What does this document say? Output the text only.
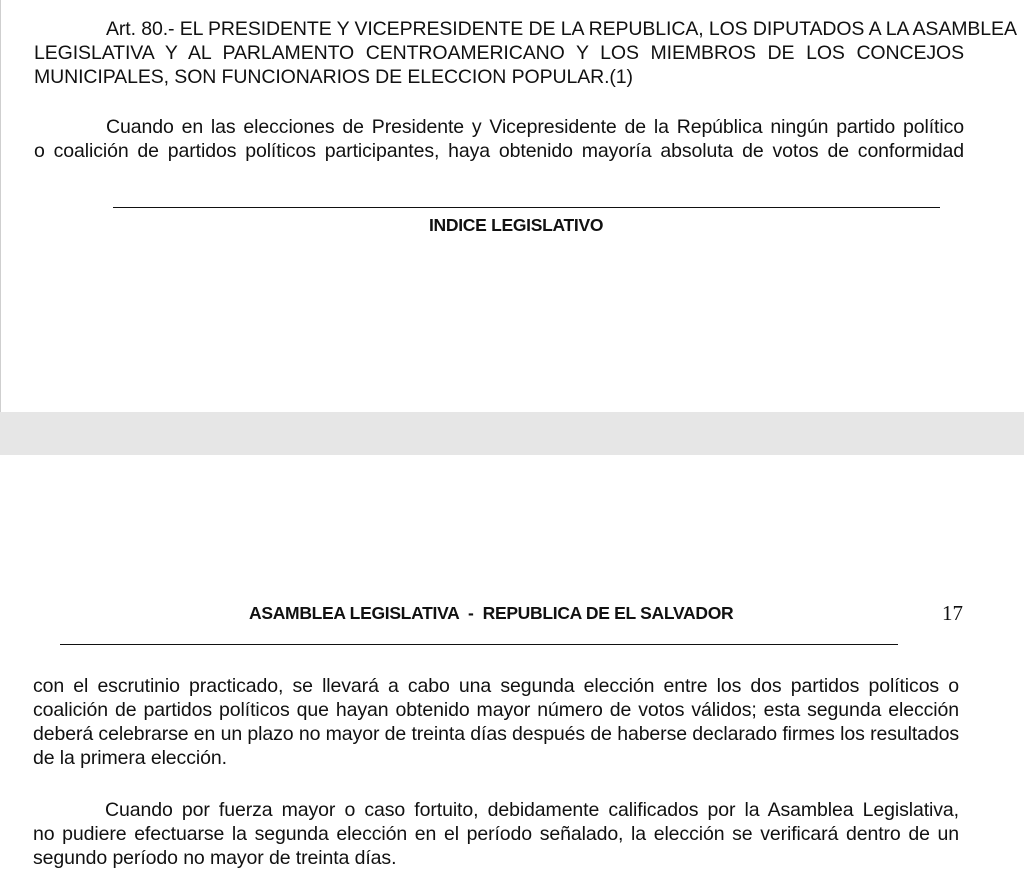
Art. 80.- EL PRESIDENTE Y VICEPRESIDENTE DE LA REPUBLICA, LOS DIPUTADOS A LA ASAMBLEA
LEGISLATIVA Y AL PARLAMENTO CENTROAMERICANO Y LOS MIEMBROS DE LOS CONCEJOS
MUNICIPALES, SON FUNCIONARIOS DE ELECCION POPULAR.(1)
Cuando en las elecciones de Presidente y Vicepresidente de la República ningún partido político
o coalición de partidos políticos participantes, haya obtenido mayoría absoluta de votos de conformidad
INDICE LEGISLATIVO
ASAMBLEA LEGISLATIVA  -  REPUBLICA DE EL SALVADOR	17
con el escrutinio practicado, se llevará a cabo una segunda elección entre los dos partidos políticos o
coalición de partidos políticos que hayan obtenido mayor número de votos válidos; esta segunda elección
deberá celebrarse en un plazo no mayor de treinta días después de haberse declarado firmes los resultados
de la primera elección.
Cuando por fuerza mayor o caso fortuito, debidamente calificados por la Asamblea Legislativa,
no pudiere efectuarse la segunda elección en el período señalado, la elección se verificará dentro de un
segundo período no mayor de treinta días.
